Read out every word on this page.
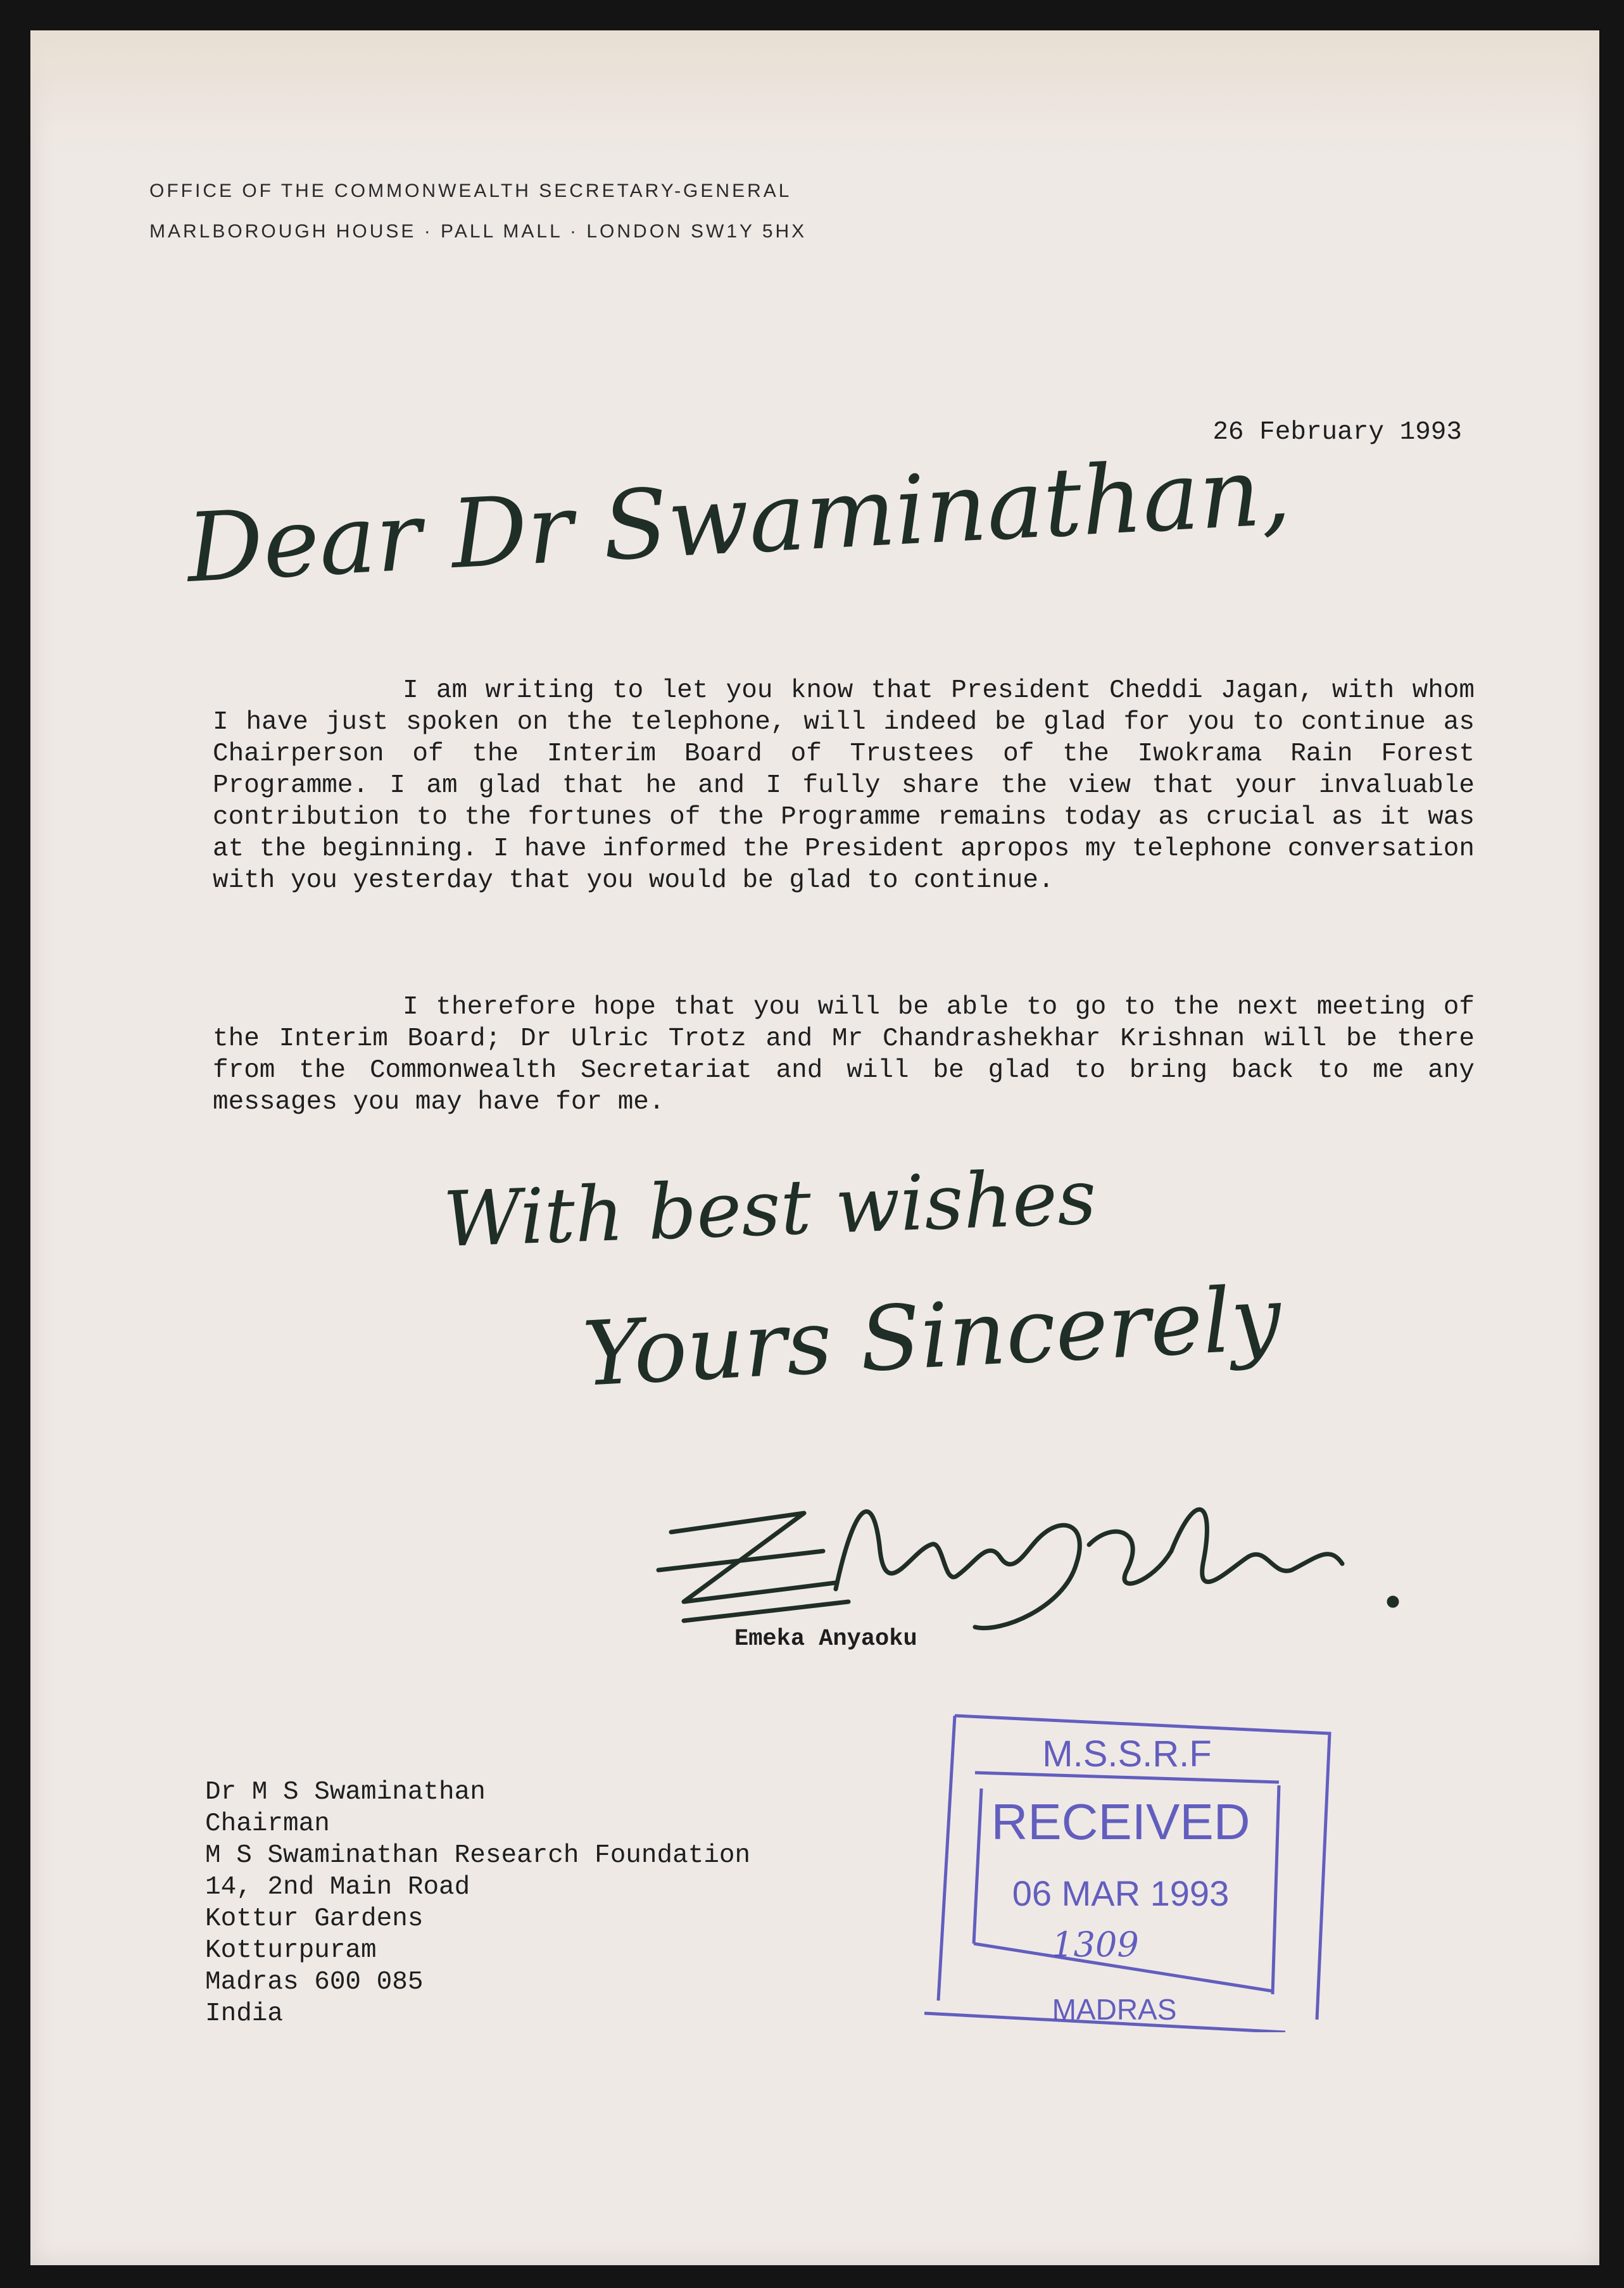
OFFICE OF THE COMMONWEALTH SECRETARY-GENERAL
MARLBOROUGH HOUSE · PALL MALL · LONDON SW1Y 5HX
26 February 1993
Dear Dr Swaminathan,

I am writing to let you know that President Cheddi Jagan, with whom I have just spoken on the telephone, will indeed be glad for you to continue as Chairperson of the Interim Board of Trustees of the Iwokrama Rain Forest Programme. I am glad that he and I fully share the view that your invaluable contribution to the fortunes of the Programme remains today as crucial as it was at the beginning. I have informed the President apropos my telephone conversation with you yesterday that you would be glad to continue.

I therefore hope that you will be able to go to the next meeting of the Interim Board; Dr Ulric Trotz and Mr Chandrashekhar Krishnan will be there from the Commonwealth Secretariat and will be glad to bring back to me any messages you may have for me.

With best wishes
Yours Sincerely
Emeka Anyaoku
Dr M S Swaminathan
Chairman
M S Swaminathan Research Foundation
14, 2nd Main Road
Kottur Gardens
Kotturpuram
Madras 600 085
India
M.S.S.R.F
RECEIVED
06 MAR 1993
1309
MADRAS
